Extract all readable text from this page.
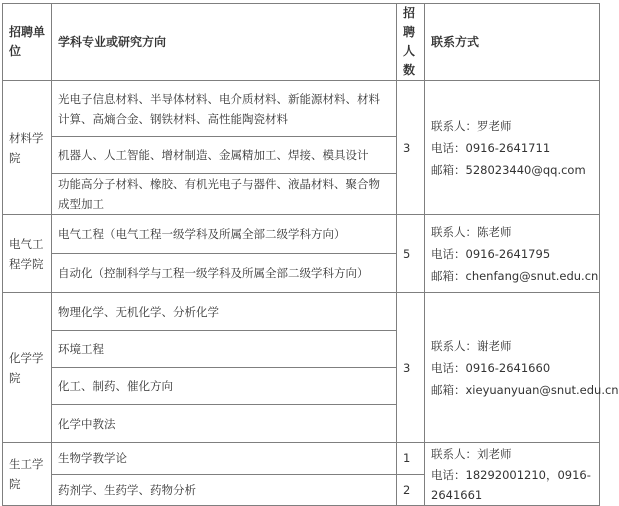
招聘单位	学科专业或研究方向	招聘人数	联系方式
材料学院	光电子信息材料、半导体材料、电介质材料、新能源材料、材料计算、高熵合金、钢铁材料、高性能陶瓷材料	3	联系人：罗老师
电话：0916-2641711
邮箱：528023440@qq.com

	机器人、人工智能、增材制造、金属精加工、焊接、模具设计		
	功能高分子材料、橡胶、有机光电子与器件、液晶材料、聚合物成型加工		
电气工程学院	电气工程（电气工程一级学科及所属全部二级学科方向）	5	联系人：陈老师
电话：0916-2641795
邮箱：chenfang@snut.edu.cn

	自动化（控制科学与工程一级学科及所属全部二级学科方向）		
化学学院	物理化学、无机化学、分析化学	3	联系人：谢老师
电话：0916-2641660
邮箱：xieyuanyuan@snut.edu.cn

	环境工程		
	化工、制药、催化方向		
	化学中教法		
生工学院	生物学教学论	1	联系人：刘老师
电话：18292001210，0916-2641661

	药剂学、生药学、药物分析	2	
